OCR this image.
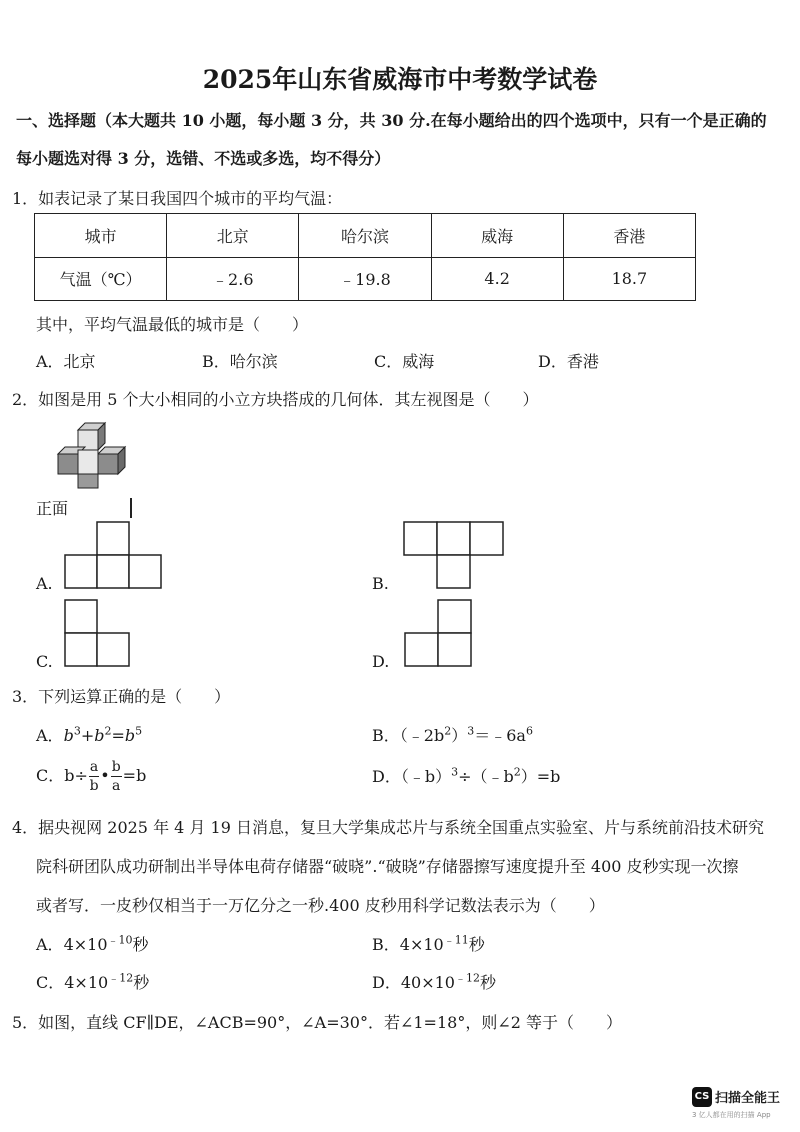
2025年山东省威海市中考数学试卷
一、选择题（本大题共 10 小题，每小题 3 分，共 30 分.在每小题给出的四个选项中，只有一个是正确的
每小题选对得 3 分，选错、不选或多选，均不得分）
1．如表记录了某日我国四个城市的平均气温：
城市	北京	哈尔滨	威海	香港
气温（℃）	﹣2.6	﹣19.8	4.2	18.7
其中，平均气温最低的城市是（　　）
A．北京	B．哈尔滨	C．威海	D．香港
2．如图是用 5 个大小相同的小立方块搭成的几何体．其左视图是（　　）
正面
A.	B.
C.	D.
3．下列运算正确的是（　　）
A．$b^3+b^2=b^5$	B．$(﹣2b^2)^3=﹣6a^6$
C．$b\div \frac{a}{b}$ • $\frac{b}{a} =b$	D．$(﹣b)^3\div(﹣b^2)=b$
4．据央视网 2025 年 4 月 19 日消息，复旦大学集成芯片与系统全国重点实验室、片与系统前沿技术研究
院科研团队成功研制出半导体电荷存储器“破晓”.“破晓”存储器擦写速度提升至 400 皮秒实现一次擦
或者写．一皮秒仅相当于一万亿分之一秒.400 皮秒用科学记数法表示为（　　）
A．$4\times 10^{﹣10}$秒	B．$4\times 10^{﹣11}$秒
C．$4\times 10^{﹣12}$秒	D．$40\times 10^{﹣12}$秒
5．如图，直线 CF∥DE，∠ACB=90°，∠A=30°．若∠1=18°，则∠2 等于（　　）
CS 扫描全能王
3 亿人都在用的扫描 App
